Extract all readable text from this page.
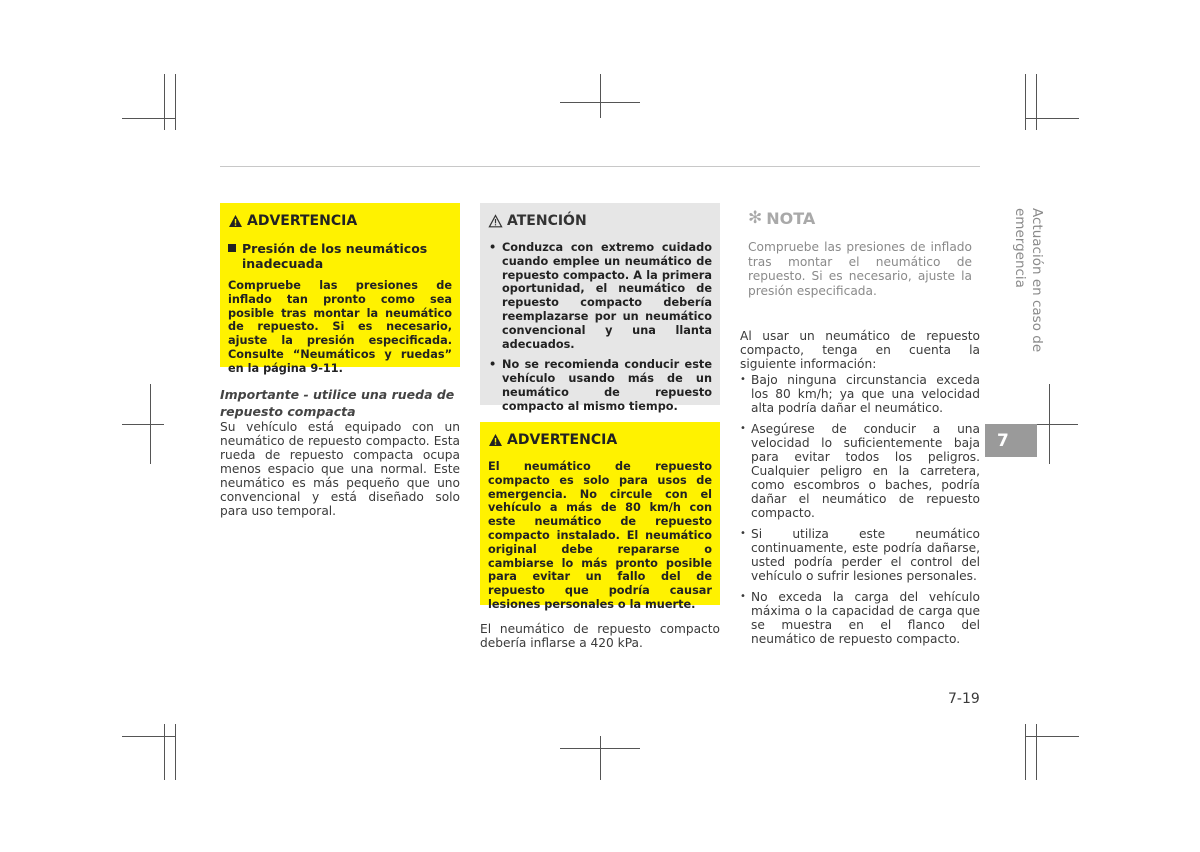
ADVERTENCIA
Presión de los neumáticos inadecuada
Compruebe las presiones de inflado tan pronto como sea posible tras montar la neumático de repuesto. Si es necesario, ajuste la presión especificada. Consulte “Neumáticos y ruedas” en la página 9-11.
Importante - utilice una rueda de repuesto compacta
Su vehículo está equipado con un neumático de repuesto compacto. Esta rueda de repuesto compacta ocupa menos espacio que una normal. Este neumático es más pequeño que uno convencional y está diseñado solo para uso temporal.
ATENCIÓN
• Conduzca con extremo cuidado cuando emplee un neumático de repuesto compacto. A la primera oportunidad, el neumático de repuesto compacto debería reemplazarse por un neumático convencional y una llanta adecuados.
• No se recomienda conducir este vehículo usando más de un neumático de repuesto compacto al mismo tiempo.
ADVERTENCIA
El neumático de repuesto compacto es solo para usos de emergencia. No circule con el vehículo a más de 80 km/h con este neumático de repuesto compacto instalado. El neumático original debe repararse o cambiarse lo más pronto posible para evitar un fallo del de repuesto que podría causar lesiones personales o la muerte.
El neumático de repuesto compacto debería inflarse a 420 kPa.
✻ NOTA
Compruebe las presiones de inflado tras montar el neumático de repuesto. Si es necesario, ajuste la presión especificada.
Al usar un neumático de repuesto compacto, tenga en cuenta la siguiente información:
• Bajo ninguna circunstancia exceda los 80 km/h; ya que una velocidad alta podría dañar el neumático.
• Asegúrese de conducir a una velocidad lo suficientemente baja para evitar todos los peligros. Cualquier peligro en la carretera, como escombros o baches, podría dañar el neumático de repuesto compacto.
• Si utiliza este neumático continuamente, este podría dañarse, usted podría perder el control del vehículo o sufrir lesiones personales.
• No exceda la carga del vehículo máxima o la capacidad de carga que se muestra en el flanco del neumático de repuesto compacto.
Actuación en caso de emergencia
7
7-19
